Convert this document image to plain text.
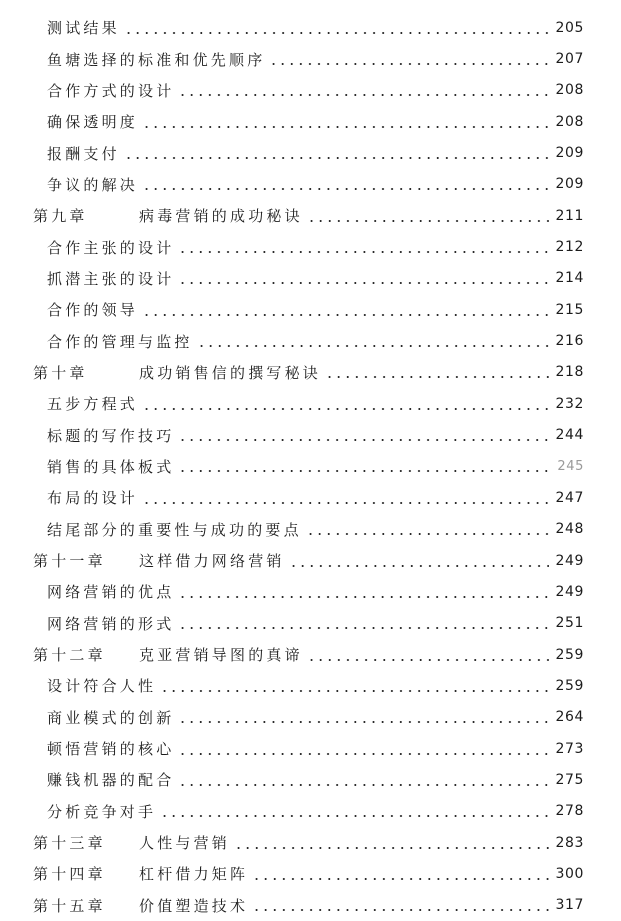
测试结果	205
鱼塘选择的标准和优先顺序	207
合作方式的设计	208
确保透明度	208
报酬支付	209
争议的解决	209
第九章	病毒营销的成功秘诀	211
合作主张的设计	212
抓潜主张的设计	214
合作的领导	215
合作的管理与监控	216
第十章	成功销售信的撰写秘诀	218
五步方程式	232
标题的写作技巧	244
销售的具体板式	245
布局的设计	247
结尾部分的重要性与成功的要点	248
第十一章	这样借力网络营销	249
网络营销的优点	249
网络营销的形式	251
第十二章	克亚营销导图的真谛	259
设计符合人性	259
商业模式的创新	264
顿悟营销的核心	273
赚钱机器的配合	275
分析竞争对手	278
第十三章	人性与营销	283
第十四章	杠杆借力矩阵	300
第十五章	价值塑造技术	317
